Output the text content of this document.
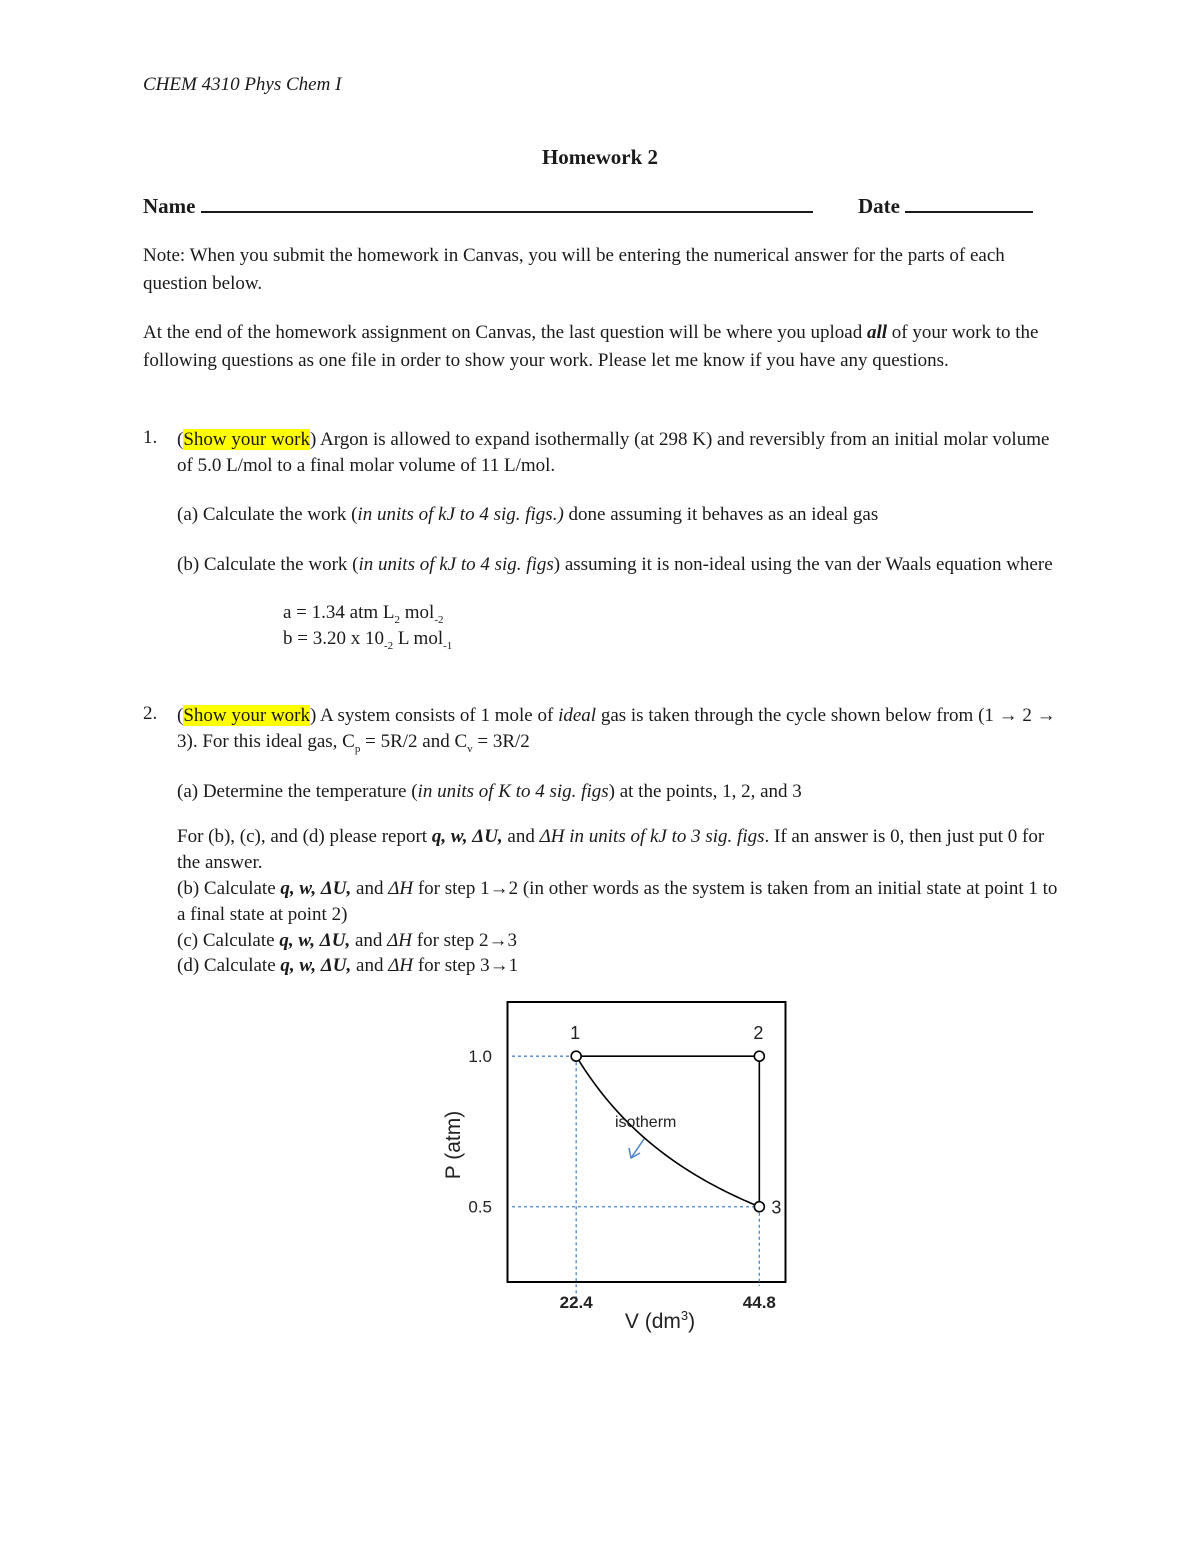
CHEM 4310 Phys Chem I
Homework 2
Name	Date
Note: When you submit the homework in Canvas, you will be entering the numerical answer for the parts of each question below.
At the end of the homework assignment on Canvas, the last question will be where you upload all of your work to the following questions as one file in order to show your work. Please let me know if you have any questions.
1. (Show your work) Argon is allowed to expand isothermally (at 298 K) and reversibly from an initial molar volume of 5.0 L/mol to a final molar volume of 11 L/mol.
(a) Calculate the work (in units of kJ to 4 sig. figs.) done assuming it behaves as an ideal gas
(b) Calculate the work (in units of kJ to 4 sig. figs) assuming it is non-ideal using the van der Waals equation where
a = 1.34 atm $L_2$ mol$_{-2}$
b = 3.20 x $10_{-2}$ L mol$_{-1}$
2. (Show your work) A system consists of 1 mole of ideal gas is taken through the cycle shown below from (1 → 2 → 3). For this ideal gas, $C_p = 5R/2$ and $C_v = 3R/2$
(a) Determine the temperature (in units of K to 4 sig. figs) at the points, 1, 2, and 3
For (b), (c), and (d) please report q, w, ΔU, and ΔH in units of kJ to 3 sig. figs. If an answer is 0, then just put 0 for the answer.
(b) Calculate q, w, ΔU, and ΔH for step 1→2 (in other words as the system is taken from an initial state at point 1 to a final state at point 2)
(c) Calculate q, w, ΔU, and ΔH for step 2→3
(d) Calculate q, w, ΔU, and ΔH for step 3→1
1	2
3
1.0
0.5
22.4	44.8
isotherm
P (atm)
V $(dm^3)$
